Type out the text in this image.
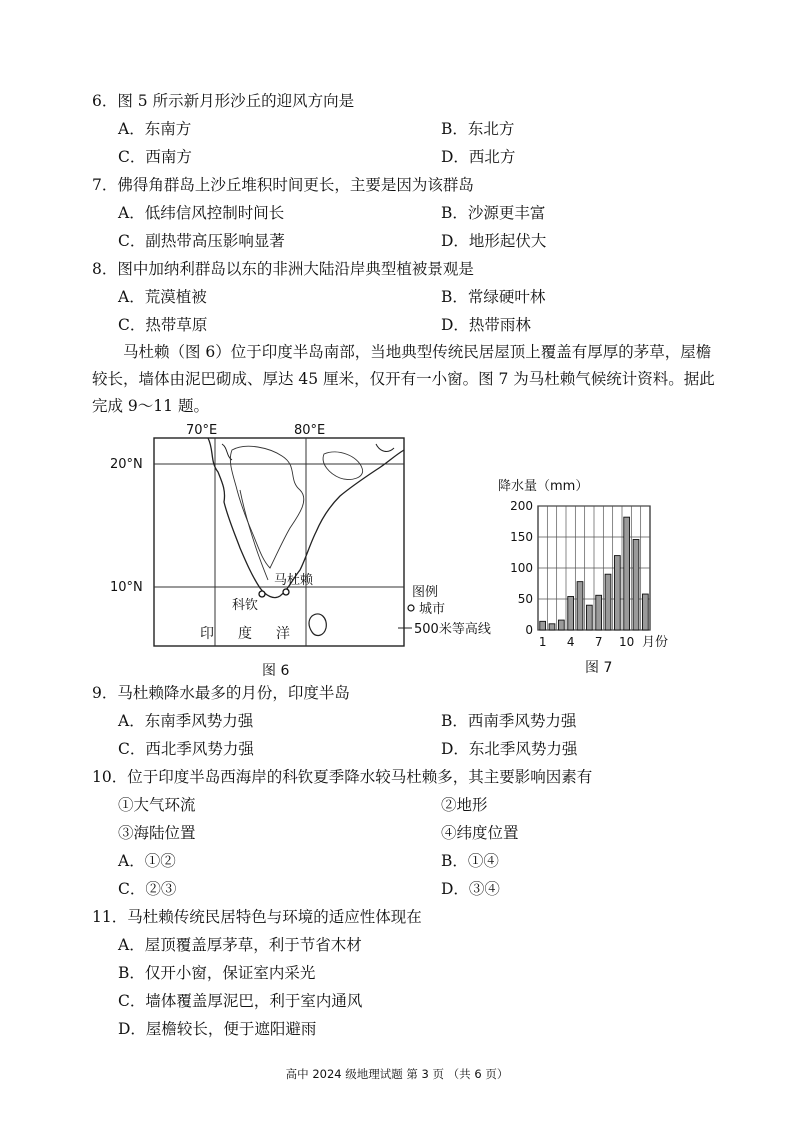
6．图 5 所示新月形沙丘的迎风方向是
A．东南方	B．东北方
C．西南方	D．西北方
7．佛得角群岛上沙丘堆积时间更长，主要是因为该群岛
A．低纬信风控制时间长	B．沙源更丰富
C．副热带高压影响显著	D．地形起伏大
8．图中加纳利群岛以东的非洲大陆沿岸典型植被景观是
A．荒漠植被	B．常绿硬叶林
C．热带草原	D．热带雨林
马杜赖（图 6）位于印度半岛南部，当地典型传统民居屋顶上覆盖有厚厚的茅草，屋檐较长，墙体由泥巴砌成、厚达 45 厘米，仅开有一小窗。图 7 为马杜赖气候统计资料。据此完成 9～11 题。
70°E	80°E
20°N
10°N	马杜赖
科钦
印 度 洋
图例
城市
500米等高线
图 6
降水量（mm）
0
50
100
150
200
1 4 7 10 月份
图 7
9．马杜赖降水最多的月份，印度半岛
A．东南季风势力强	B．西南季风势力强
C．西北季风势力强	D．东北季风势力强
10．位于印度半岛西海岸的科钦夏季降水较马杜赖多，其主要影响因素有
①大气环流	②地形
③海陆位置	④纬度位置
A．①②	B．①④
C．②③	D．③④
11．马杜赖传统民居特色与环境的适应性体现在
A．屋顶覆盖厚茅草，利于节省木材
B．仅开小窗，保证室内采光
C．墙体覆盖厚泥巴，利于室内通风
D．屋檐较长，便于遮阳避雨
高中 2024 级地理试题 第 3 页 （共 6 页）
